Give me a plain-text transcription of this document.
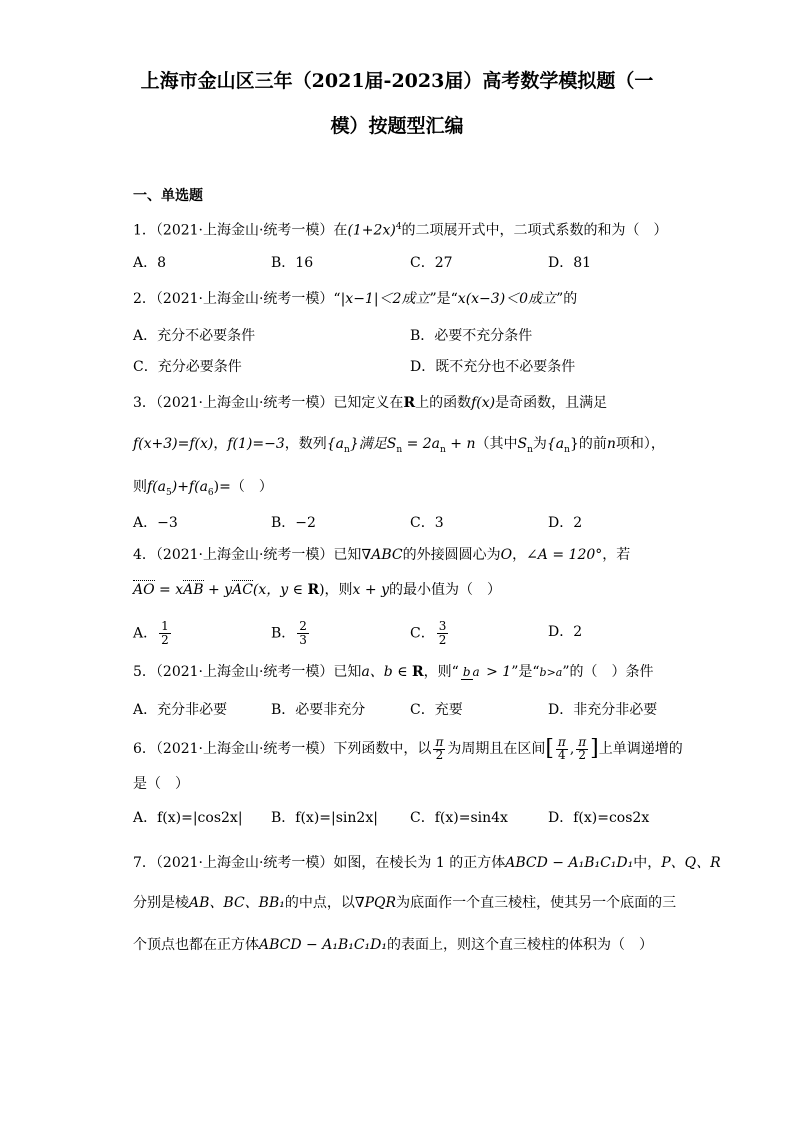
上海市金山区三年（2021届-2023届）高考数学模拟题（一
模）按题型汇编
一、单选题
1．（2021·上海金山·统考一模）在$(1+2x)^4$的二项展开式中，二项式系数的和为（　）
A．8	B．16	C．27	D．81
2．（2021·上海金山·统考一模）“|x−1|＜2成立”是“x(x−3)＜0成立”的
A．充分不必要条件	B．必要不充分条件
C．充分必要条件	D．既不充分也不必要条件
3．（2021·上海金山·统考一模）已知定义在R上的函数f(x)是奇函数，且满足
f(x+3)=f(x)，f(1)=−3，数列$\{a_n\}$满足$S_n = 2a_n + n$（其中$S_n$为$\{a_n\}$的前n项和），
则$f(a_5)+f(a_6)=$（　）
A．−3	B．−2	C．3	D．2
4．（2021·上海金山·统考一模）已知∇ABC的外接圆圆心为O，∠A = 120°，若
AO = xAB + yAC(x，y ∈ R)，则x + y的最小值为（　）
A． $\frac{1}{2}$	B． $\frac{2}{3}$	C． $\frac{3}{2}$	D．2
5．（2021·上海金山·统考一模）已知a、b ∈ R，则“ b a > 1”是“b>a”的（　）条件
A．充分非必要	B．必要非充分	C．充要	D．非充分非必要
6．（2021·上海金山·统考一模）下列函数中，以 $\frac{\pi}{2}$ 为周期且在区间[ $\frac{\pi}{4}$ , $\frac{\pi}{2}$ ]上单调递增的
是（　）
A．f(x)=|cos2x| B．f(x)=|sin2x| C．f(x)=sin4x	D．f(x)=cos2x
7．（2021·上海金山·统考一模）如图，在棱长为 1 的正方体ABCD − A₁B₁C₁D₁中，P、Q、R
分别是棱AB、BC、BB₁的中点，以∇PQR为底面作一个直三棱柱，使其另一个底面的三
个顶点也都在正方体ABCD − A₁B₁C₁D₁的表面上，则这个直三棱柱的体积为（　）
